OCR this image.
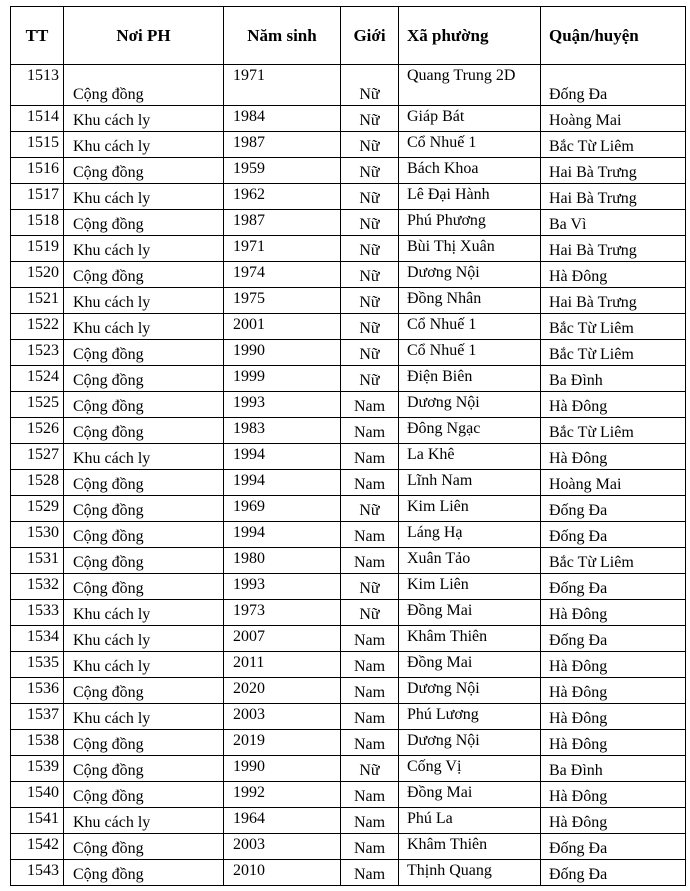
TT	Nơi PH	Năm sinh	Giới	Xã phường	Quận/huyện
1513	Cộng đồng	1971	Nữ	Quang Trung 2D	Đống Đa
1514	Khu cách ly	1984	Nữ	Giáp Bát	Hoàng Mai
1515	Khu cách ly	1987	Nữ	Cổ Nhuế 1	Bắc Từ Liêm
1516	Cộng đồng	1959	Nữ	Bách Khoa	Hai Bà Trưng
1517	Khu cách ly	1962	Nữ	Lê Đại Hành	Hai Bà Trưng
1518	Cộng đồng	1987	Nữ	Phú Phương	Ba Vì
1519	Khu cách ly	1971	Nữ	Bùi Thị Xuân	Hai Bà Trưng
1520	Cộng đồng	1974	Nữ	Dương Nội	Hà Đông
1521	Khu cách ly	1975	Nữ	Đồng Nhân	Hai Bà Trưng
1522	Khu cách ly	2001	Nữ	Cổ Nhuế 1	Bắc Từ Liêm
1523	Cộng đồng	1990	Nữ	Cổ Nhuế 1	Bắc Từ Liêm
1524	Cộng đồng	1999	Nữ	Điện Biên	Ba Đình
1525	Cộng đồng	1993	Nam	Dương Nội	Hà Đông
1526	Cộng đồng	1983	Nam	Đông Ngạc	Bắc Từ Liêm
1527	Khu cách ly	1994	Nam	La Khê	Hà Đông
1528	Cộng đồng	1994	Nam	Lĩnh Nam	Hoàng Mai
1529	Cộng đồng	1969	Nữ	Kim Liên	Đống Đa
1530	Cộng đồng	1994	Nam	Láng Hạ	Đống Đa
1531	Cộng đồng	1980	Nam	Xuân Tảo	Bắc Từ Liêm
1532	Cộng đồng	1993	Nữ	Kim Liên	Đống Đa
1533	Khu cách ly	1973	Nữ	Đồng Mai	Hà Đông
1534	Khu cách ly	2007	Nam	Khâm Thiên	Đống Đa
1535	Khu cách ly	2011	Nam	Đồng Mai	Hà Đông
1536	Cộng đồng	2020	Nam	Dương Nội	Hà Đông
1537	Khu cách ly	2003	Nam	Phú Lương	Hà Đông
1538	Cộng đồng	2019	Nam	Dương Nội	Hà Đông
1539	Cộng đồng	1990	Nữ	Cống Vị	Ba Đình
1540	Cộng đồng	1992	Nam	Đồng Mai	Hà Đông
1541	Khu cách ly	1964	Nam	Phú La	Hà Đông
1542	Cộng đồng	2003	Nam	Khâm Thiên	Đống Đa
1543	Cộng đồng	2010	Nam	Thịnh Quang	Đống Đa
